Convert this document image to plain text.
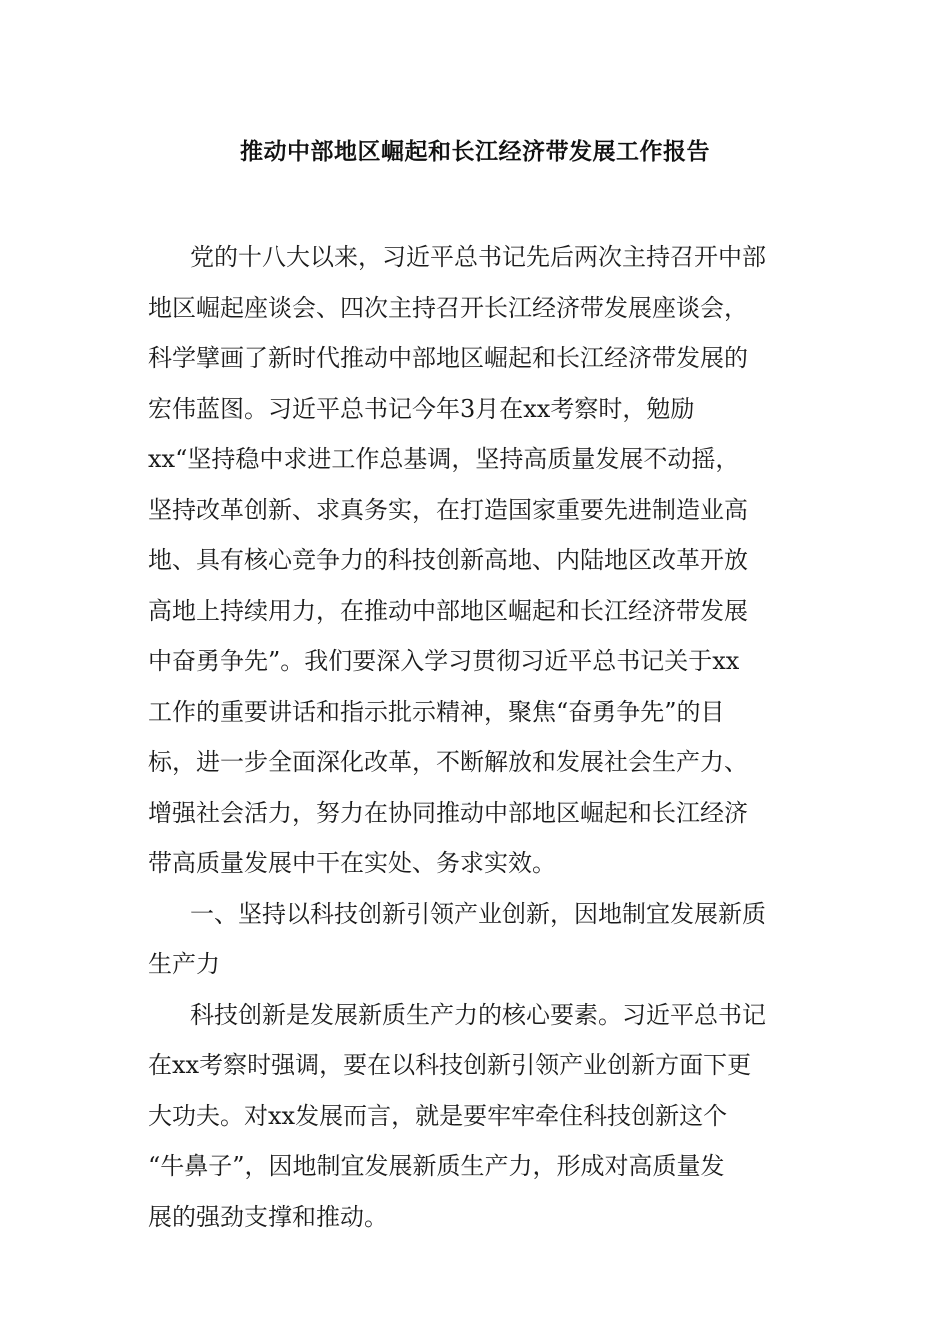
推动中部地区崛起和长江经济带发展工作报告
党的十八大以来，习近平总书记先后两次主持召开中部
地区崛起座谈会、四次主持召开长江经济带发展座谈会，
科学擘画了新时代推动中部地区崛起和长江经济带发展的
宏伟蓝图。习近平总书记今年3月在xx考察时，勉励
xx“坚持稳中求进工作总基调，坚持高质量发展不动摇，
坚持改革创新、求真务实，在打造国家重要先进制造业高
地、具有核心竞争力的科技创新高地、内陆地区改革开放
高地上持续用力，在推动中部地区崛起和长江经济带发展
中奋勇争先”。我们要深入学习贯彻习近平总书记关于xx
工作的重要讲话和指示批示精神，聚焦“奋勇争先”的目
标，进一步全面深化改革，不断解放和发展社会生产力、
增强社会活力，努力在协同推动中部地区崛起和长江经济
带高质量发展中干在实处、务求实效。
一、坚持以科技创新引领产业创新，因地制宜发展新质
生产力
科技创新是发展新质生产力的核心要素。习近平总书记
在xx考察时强调，要在以科技创新引领产业创新方面下更
大功夫。对xx发展而言，就是要牢牢牵住科技创新这个
“牛鼻子”，因地制宜发展新质生产力，形成对高质量发
展的强劲支撑和推动。
